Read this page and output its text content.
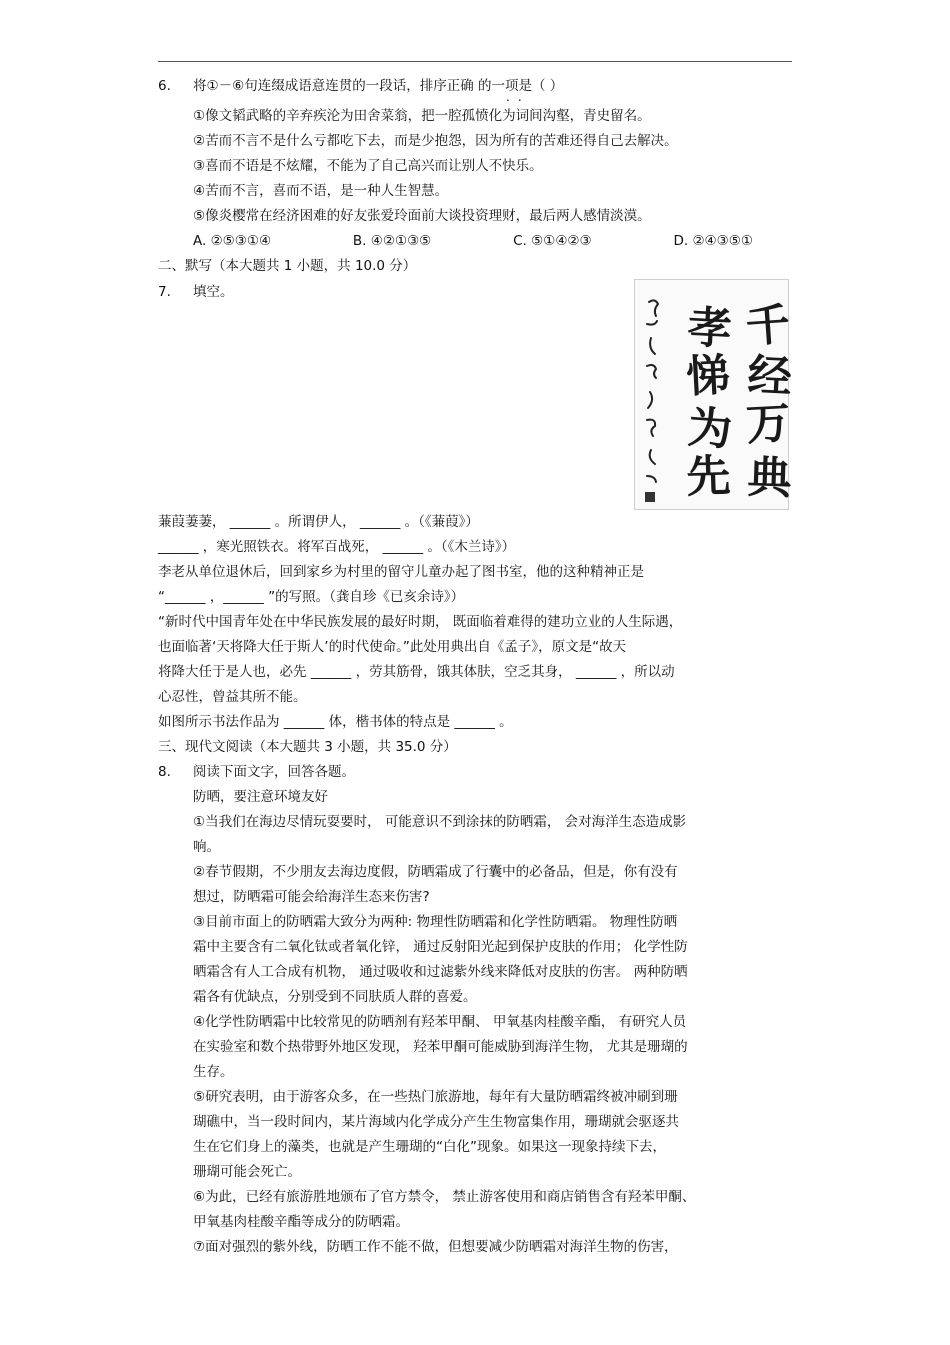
6. 将①－⑥句连缀成语意连贯的一段话，排序正确 的一项是（ ）
..
①像文韬武略的辛弃疾沦为田舍菜翁，把一腔孤愤化为词间沟壑，青史留名。
②苦而不言不是什么亏都吃下去，而是少抱怨，因为所有的苦难还得自己去解决。
③喜而不语是不炫耀，不能为了自己高兴而让别人不快乐。
④苦而不言，喜而不语，是一种人生智慧。
⑤像炎樱常在经济困难的好友张爱玲面前大谈投资理财，最后两人感情淡漠。
A. ②⑤③①④	B. ④②①③⑤	C. ⑤①④②③	D. ②④③⑤①
二、默写（本大题共 1 小题，共 10.0 分）
7. 填空。
千
经
万
典
孝
悌
为
先
蒹葭萋萋， ______ 。所谓伊人， ______ 。（《蒹葭》）
______ ，寒光照铁衣。将军百战死， ______ 。（《木兰诗》）
李老从单位退休后，回到家乡为村里的留守儿童办起了图书室，他的这种精神正是
“______ ，______ ”的写照。（龚自珍《已亥余诗》）
“新时代中国青年处在中华民族发展的最好时期， 既面临着难得的建功立业的人生际遇，
也面临著‘天将降大任于斯人’的时代使命。”此处用典出自《孟子》，原文是“故天
将降大任于是人也，必先 ______ ，劳其筋骨，饿其体肤，空乏其身， ______ ，所以动
心忍性，曾益其所不能。
如图所示书法作品为 ______ 体，楷书体的特点是 ______ 。
三、现代文阅读（本大题共 3 小题，共 35.0 分）
8. 阅读下面文字，回答各题。
防晒，要注意环境友好
①当我们在海边尽情玩耍要时， 可能意识不到涂抹的防晒霜， 会对海洋生态造成影
响。
②春节假期，不少朋友去海边度假，防晒霜成了行囊中的必备品，但是，你有没有
想过，防晒霜可能会给海洋生态来伤害?
③目前市面上的防晒霜大致分为两种: 物理性防晒霜和化学性防晒霜。 物理性防晒
霜中主要含有二氧化钛或者氧化锌， 通过反射阳光起到保护皮肤的作用； 化学性防
晒霜含有人工合成有机物， 通过吸收和过滤紫外线来降低对皮肤的伤害。 两种防晒
霜各有优缺点，分别受到不同肤质人群的喜爱。
④化学性防晒霜中比较常见的防晒剂有羟苯甲酮、 甲氧基肉桂酸辛酯， 有研究人员
在实验室和数个热带野外地区发现， 羟苯甲酮可能威胁到海洋生物， 尤其是珊瑚的
生存。
⑤研究表明，由于游客众多，在一些热门旅游地，每年有大量防晒霜终被冲刷到珊
瑚礁中，当一段时间内，某片海域内化学成分产生生物富集作用，珊瑚就会驱逐共
生在它们身上的藻类，也就是产生珊瑚的“白化”现象。如果这一现象持续下去，
珊瑚可能会死亡。
⑥为此，已经有旅游胜地颁布了官方禁令， 禁止游客使用和商店销售含有羟苯甲酮、
甲氧基肉桂酸辛酯等成分的防晒霜。
⑦面对强烈的紫外线，防晒工作不能不做，但想要减少防晒霜对海洋生物的伤害，
